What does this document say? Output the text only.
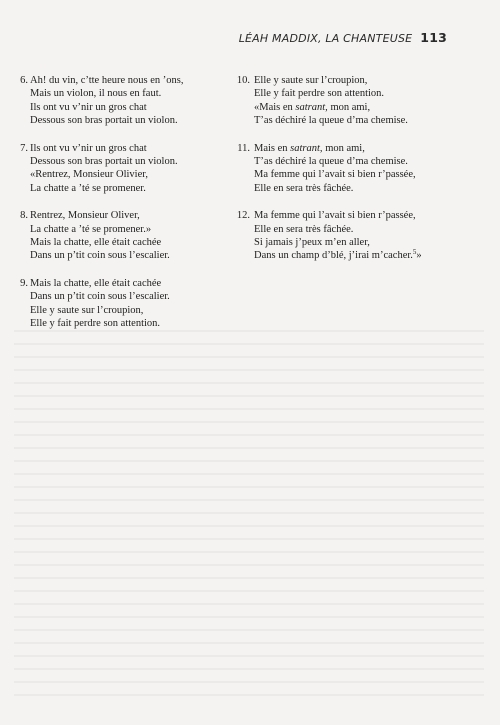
LÉAH MADDIX, LA CHANTEUSE 113
6. Ah! du vin, c’tte heure nous en ’ons,
Mais un violon, il nous en faut.
Ils ont vu v’nir un gros chat
Dessous son bras portait un violon.
7. Ils ont vu v’nir un gros chat
Dessous son bras portait un violon.
«Rentrez, Monsieur Olivier,
La chatte a ’té se promener.
8. Rentrez, Monsieur Oliver,
La chatte a ’té se promener.»
Mais la chatte, elle était cachée
Dans un p’tit coin sous l’escalier.
9. Mais la chatte, elle était cachée
Dans un p’tit coin sous l’escalier.
Elle y saute sur l’croupion,
Elle y fait perdre son attention.
10. Elle y saute sur l’croupion,
Elle y fait perdre son attention.
«Mais en satrant, mon ami,
T’as déchiré la queue d’ma chemise.
11. Mais en satrant, mon ami,
T’as déchiré la queue d’ma chemise.
Ma femme qui l’avait si bien r’passée,
Elle en sera très fâchée.
12. Ma femme qui l’avait si bien r’passée,
Elle en sera très fâchée.
Si jamais j’peux m’en aller,
Dans un champ d’blé, j’irai m’cacher.$^5$»
